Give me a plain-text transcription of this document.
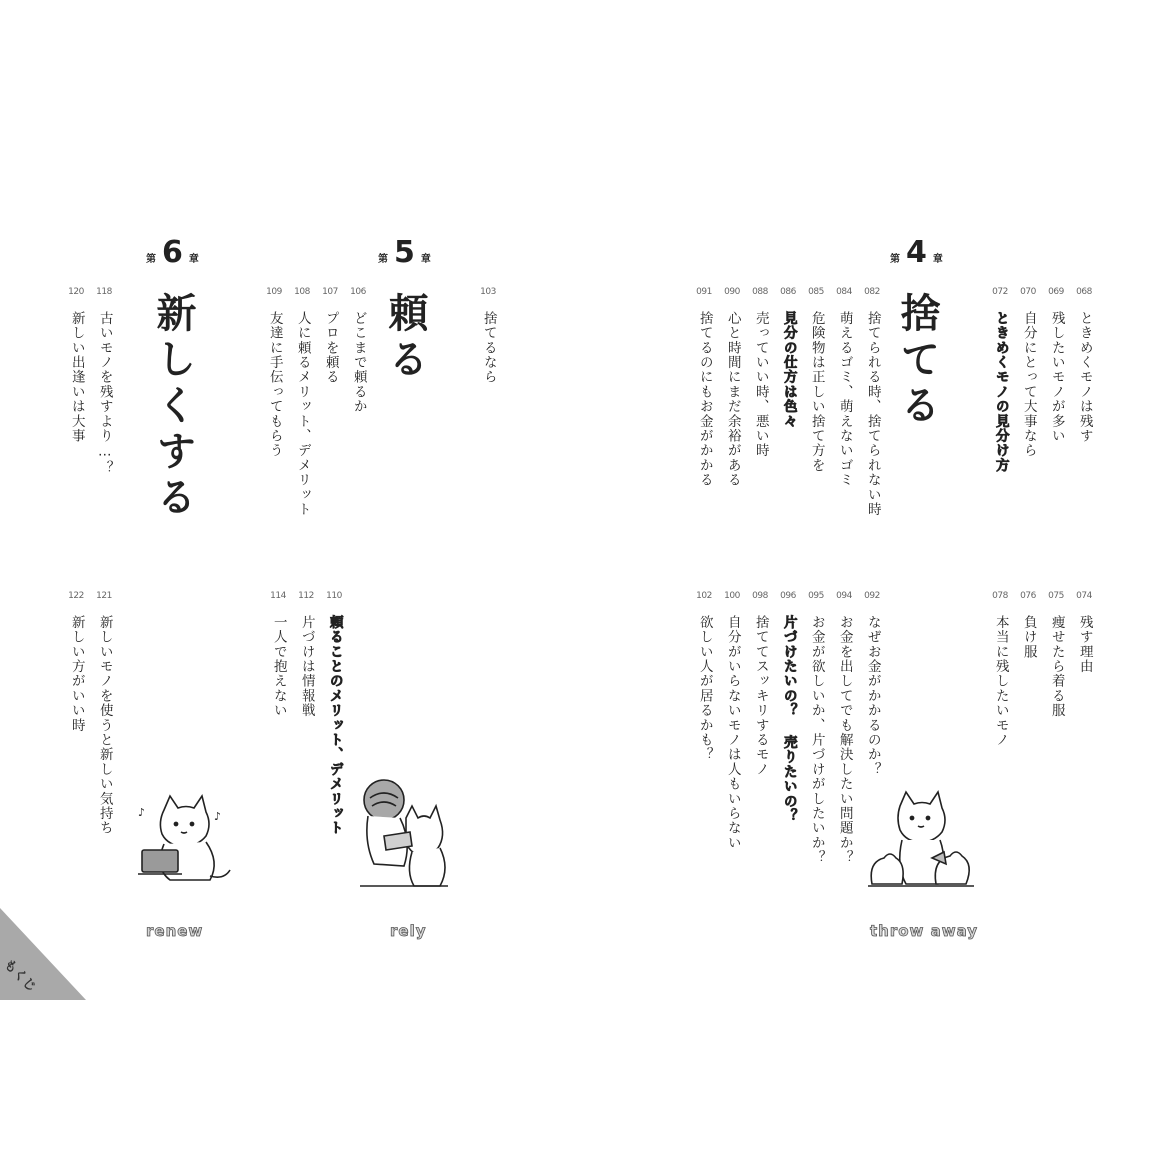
第 6 章
新しくする
renew
118
古いモノを残すより…？
120
新しい出逢いは大事
121
新しいモノを使うと新しい気持ち
122
新しい方がいい時
♪	♪
第 5 章
頼る
rely
103
捨てるなら
106
どこまで頼るか
107
プロを頼る
108
人に頼るメリット、デメリット
109
友達に手伝ってもらう
110
頼ることのメリット、デメリット
112
片づけは情報戦
114
一人で抱えない
第 4 章
捨てる
throw away
068
ときめくモノは残す
069
残したいモノが多い
070
自分にとって大事なら
072
ときめくモノの見分け方
082
捨てられる時、捨てられない時
084
萌えるゴミ、萌えないゴミ
085
危険物は正しい捨て方を
086
見分の仕方は色々
088
売っていい時、悪い時
090
心と時間にまだ余裕がある
091
捨てるのにもお金がかかる
074
残す理由
075
痩せたら着る服
076
負け服
078
本当に残したいモノ
092
なぜお金がかかるのか？
094
お金を出してでも解決したい問題か？
095
お金が欲しいか、片づけがしたいか？
096
片づけたいの？ 売りたいの？
098
捨ててスッキリするモノ
100
自分がいらないモノは人もいらない
102
欲しい人が居るかも？
もくじ
